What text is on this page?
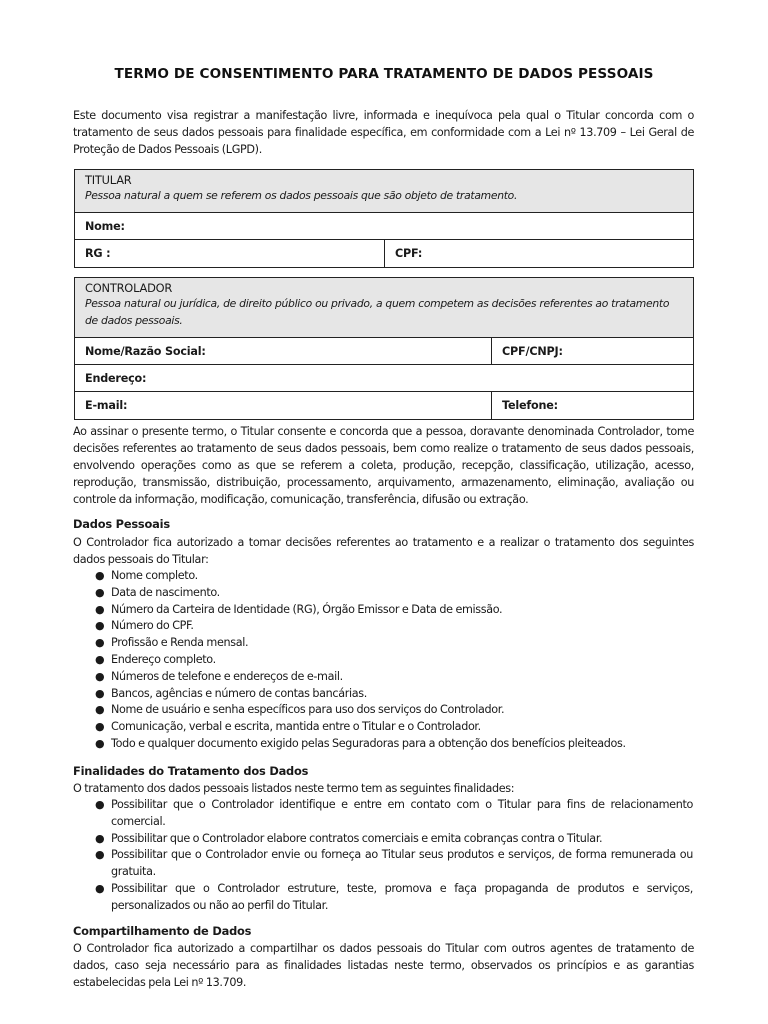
TERMO DE CONSENTIMENTO PARA TRATAMENTO DE DADOS PESSOAIS
Este documento visa registrar a manifestação livre, informada e inequívoca pela qual o Titular concorda com o tratamento de seus dados pessoais para finalidade específica, em conformidade com a Lei nº 13.709 – Lei Geral de Proteção de Dados Pessoais (LGPD).
TITULAR
Pessoa natural a quem se referem os dados pessoais que são objeto de tratamento.
Nome:
RG :	CPF:
CONTROLADOR
Pessoa natural ou jurídica, de direito público ou privado, a quem competem as decisões referentes ao tratamento de dados pessoais.
Nome/Razão Social:	CPF/CNPJ:
Endereço:
E-mail:	Telefone:
Ao assinar o presente termo, o Titular consente e concorda que a pessoa, doravante denominada Controlador, tome decisões referentes ao tratamento de seus dados pessoais, bem como realize o tratamento de seus dados pessoais, envolvendo operações como as que se referem a coleta, produção, recepção, classificação, utilização, acesso, reprodução, transmissão, distribuição, processamento, arquivamento, armazenamento, eliminação, avaliação ou controle da informação, modificação, comunicação, transferência, difusão ou extração.
Dados Pessoais
O Controlador fica autorizado a tomar decisões referentes ao tratamento e a realizar o tratamento dos seguintes dados pessoais do Titular:
● Nome completo.
● Data de nascimento.
● Número da Carteira de Identidade (RG), Órgão Emissor e Data de emissão.
● Número do CPF.
● Profissão e Renda mensal.
● Endereço completo.
● Números de telefone e endereços de e-mail.
● Bancos, agências e número de contas bancárias.
● Nome de usuário e senha específicos para uso dos serviços do Controlador.
● Comunicação, verbal e escrita, mantida entre o Titular e o Controlador.
● Todo e qualquer documento exigido pelas Seguradoras para a obtenção dos benefícios pleiteados.
Finalidades do Tratamento dos Dados
O tratamento dos dados pessoais listados neste termo tem as seguintes finalidades:
● Possibilitar que o Controlador identifique e entre em contato com o Titular para fins de relacionamento comercial.
● Possibilitar que o Controlador elabore contratos comerciais e emita cobranças contra o Titular.
● Possibilitar que o Controlador envie ou forneça ao Titular seus produtos e serviços, de forma remunerada ou gratuita.
● Possibilitar que o Controlador estruture, teste, promova e faça propaganda de produtos e serviços, personalizados ou não ao perfil do Titular.
Compartilhamento de Dados
O Controlador fica autorizado a compartilhar os dados pessoais do Titular com outros agentes de tratamento de dados, caso seja necessário para as finalidades listadas neste termo, observados os princípios e as garantias estabelecidas pela Lei nº 13.709.
